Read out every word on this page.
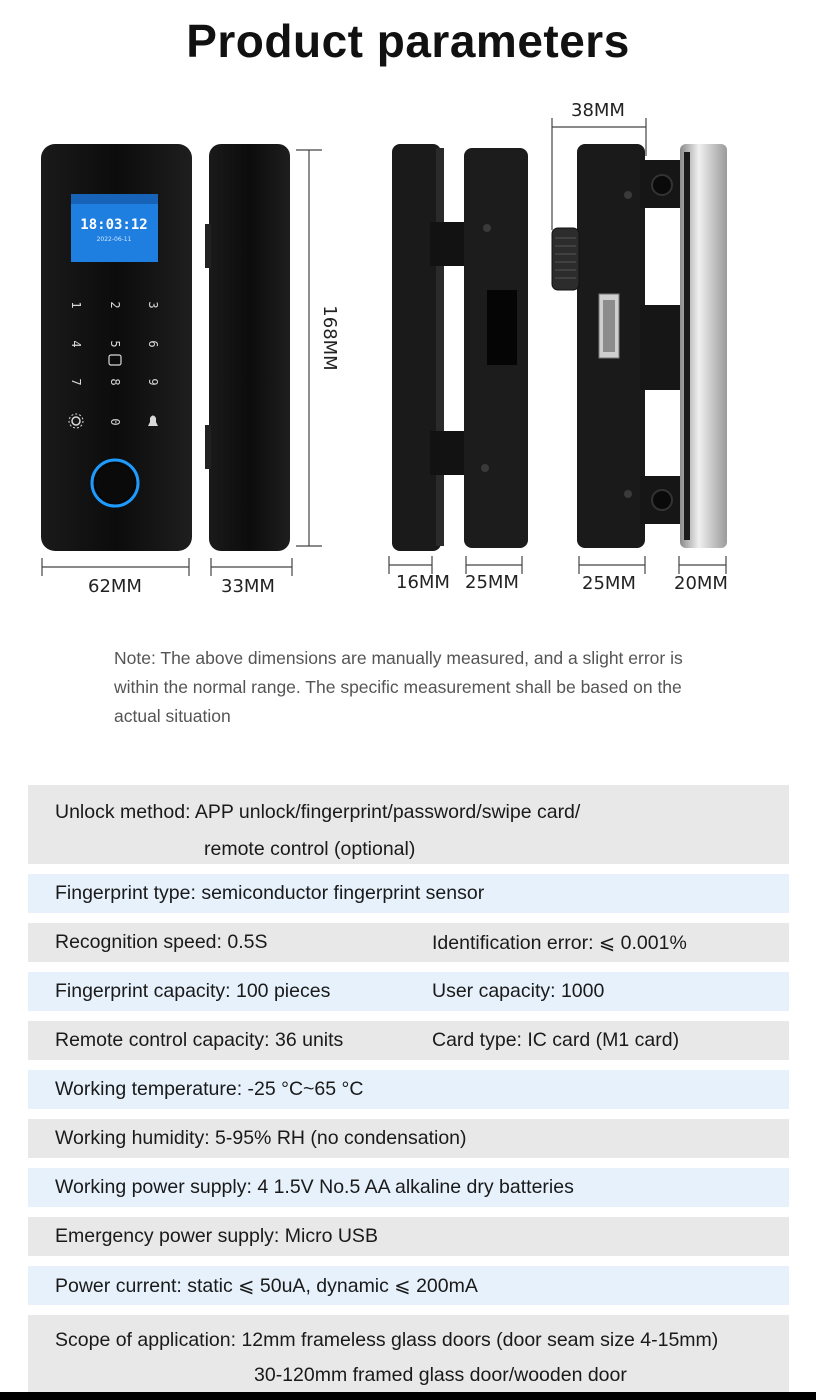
Product parameters
18:03:12
2022-06-11
1 2 3
4 5 6
7 8 9
0
168MM
38MM
62MM	33MM	16MM 25MM	25MM 20MM
Note: The above dimensions are manually measured, and a slight error is within the normal range. The specific measurement shall be based on the actual situation
Unlock method: APP unlock/fingerprint/password/swipe card/
remote control (optional)
Fingerprint type: semiconductor fingerprint sensor
Recognition speed: 0.5S	Identification error: ⩽ 0.001%
Fingerprint capacity: 100 pieces	User capacity: 1000
Remote control capacity: 36 units	Card type: IC card (M1 card)
Working temperature: -25 °C~65 °C
Working humidity: 5-95% RH (no condensation)
Working power supply: 4 1.5V No.5 AA alkaline dry batteries
Emergency power supply: Micro USB
Power current: static ⩽ 50uA, dynamic ⩽ 200mA
Scope of application: 12mm frameless glass doors (door seam size 4-15mm)
30-120mm framed glass door/wooden door
